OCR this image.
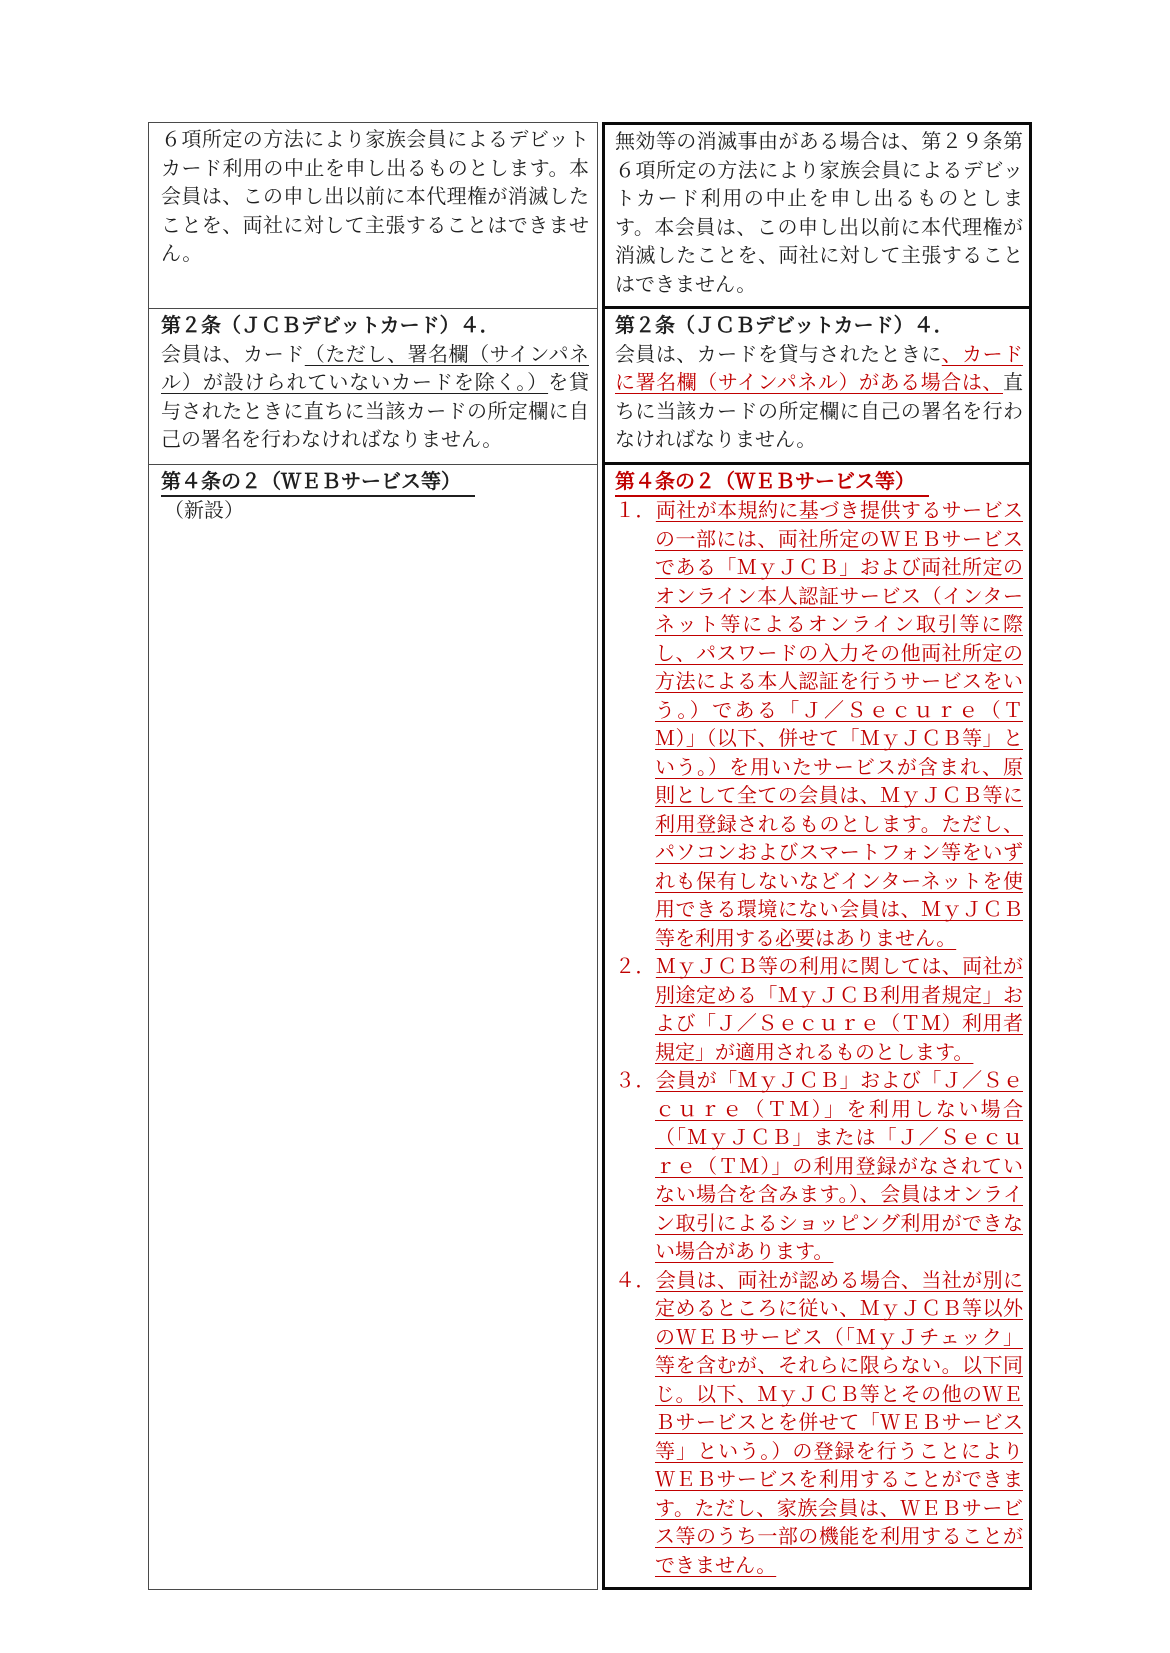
６項所定の方法により家族会員によるデビットカード利用の中止を申し出るものとします。本会員は、この申し出以前に本代理権が消滅したことを、両社に対して主張することはできません。

無効等の消滅事由がある場合は、第２９条第６項所定の方法により家族会員によるデビットカード利用の中止を申し出るものとします。本会員は、この申し出以前に本代理権が消滅したことを、両社に対して主張することはできません。

第２条（ＪＣＢデビットカード）４．

会員は、カード（ただし、署名欄（サインパネル）が設けられていないカードを除く。）を貸与されたときに直ちに当該カードの所定欄に自己の署名を行わなければなりません。

第２条（ＪＣＢデビットカード）４．

会員は、カードを貸与されたときに、カードに署名欄（サインパネル）がある場合は、直ちに当該カードの所定欄に自己の署名を行わなければなりません。

第４条の２（ＷＥＢサービス等）

（新設）

第４条の２（ＷＥＢサービス等）
１．両社が本規約に基づき提供するサービスの一部には、両社所定のＷＥＢサービスである「ＭｙＪＣＢ」および両社所定のオンライン本人認証サービス（インターネット等によるオンライン取引等に際し、パスワードの入力その他両社所定の方法による本人認証を行うサービスをいう。）である「Ｊ／Ｓｅｃｕｒｅ（ＴＭ）」（以下、併せて「ＭｙＪＣＢ等」という。）を用いたサービスが含まれ、原則として全ての会員は、ＭｙＪＣＢ等に利用登録されるものとします。ただし、パソコンおよびスマートフォン等をいずれも保有しないなどインターネットを使用できる環境にない会員は、ＭｙＪＣＢ等を利用する必要はありません。
２．ＭｙＪＣＢ等の利用に関しては、両社が別途定める「ＭｙＪＣＢ利用者規定」および「Ｊ／Ｓｅｃｕｒｅ（ＴＭ）利用者規定」が適用されるものとします。
３．会員が「ＭｙＪＣＢ」および「Ｊ／Ｓｅｃｕｒｅ（ＴＭ）」を利用しない場合（「ＭｙＪＣＢ」または「Ｊ／Ｓｅｃｕｒｅ（ＴＭ）」の利用登録がなされていない場合を含みます。）、会員はオンライン取引によるショッピング利用ができない場合があります。
４．会員は、両社が認める場合、当社が別に定めるところに従い、ＭｙＪＣＢ等以外のＷＥＢサービス（「ＭｙＪチェック」等を含むが、それらに限らない。以下同じ。以下、ＭｙＪＣＢ等とその他のＷＥＢサービスとを併せて「ＷＥＢサービス等」という。）の登録を行うことによりＷＥＢサービスを利用することができます。ただし、家族会員は、ＷＥＢサービス等のうち一部の機能を利用することができません。
